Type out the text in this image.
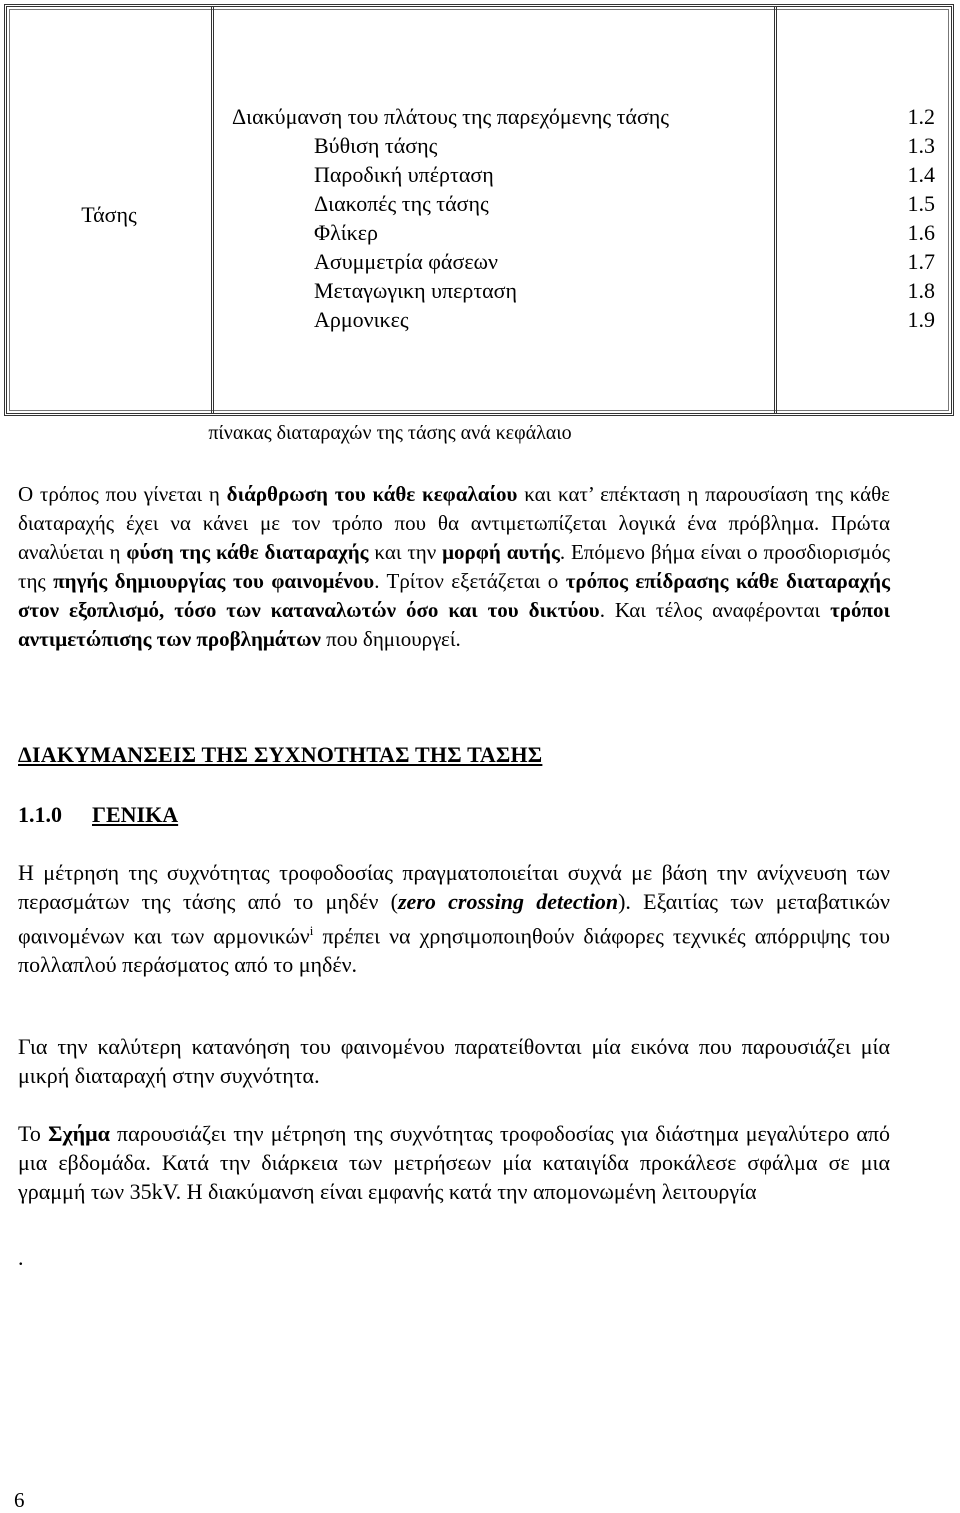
Τάσης
Διακύμανση του πλάτους της παρεχόμενης τάσης
Βύθιση τάσης
Παροδική υπέρταση
Διακοπές της τάσης
Φλίκερ
Ασυμμετρία φάσεων
Μεταγωγικη υπερταση
Αρμονικες
1.2
1.3
1.4
1.5
1.6
1.7
1.8
1.9
πίνακας διαταραχών της τάσης ανά κεφάλαιο
Ο τρόπος που γίνεται η διάρθρωση του κάθε κεφαλαίου και κατ’ επέκταση η παρουσίαση της κάθε διαταραχής έχει να κάνει με τον τρόπο που θα αντιμετωπίζεται λογικά ένα πρόβλημα. Πρώτα αναλύεται η φύση της κάθε διαταραχής και την μορφή αυτής. Επόμενο βήμα είναι ο προσδιορισμός της πηγής δημιουργίας του φαινομένου. Τρίτον εξετάζεται ο τρόπος επίδρασης κάθε διαταραχής στον εξοπλισμό, τόσο των καταναλωτών όσο και του δικτύου. Και τέλος αναφέρονται τρόποι αντιμετώπισης των προβλημάτων που δημιουργεί.
ΔΙΑΚΥΜΑΝΣΕΙΣ ΤΗΣ ΣΥΧΝΟΤΗΤΑΣ ΤΗΣ ΤΑΣΗΣ
1.1.0 ΓΕΝΙΚΑ
Η μέτρηση της συχνότητας τροφοδοσίας πραγματοποιείται συχνά με βάση την ανίχνευση των περασμάτων της τάσης από το μηδέν (zero crossing detection). Εξαιτίας των μεταβατικών φαινομένων και των αρμονικών$^i$ πρέπει να χρησιμοποιηθούν διάφορες τεχνικές απόρριψης του πολλαπλού περάσματος από το μηδέν.
Για την καλύτερη κατανόηση του φαινομένου παρατείθονται μία εικόνα που παρουσιάζει μία μικρή διαταραχή στην συχνότητα.
Το Σχήμα παρουσιάζει την μέτρηση της συχνότητας τροφοδοσίας για διάστημα μεγαλύτερο από μια εβδομάδα. Κατά την διάρκεια των μετρήσεων μία καταιγίδα προκάλεσε σφάλμα σε μια γραμμή των 35kV. Η διακύμανση είναι εμφανής κατά την απομονωμένη λειτουργία
.
6
